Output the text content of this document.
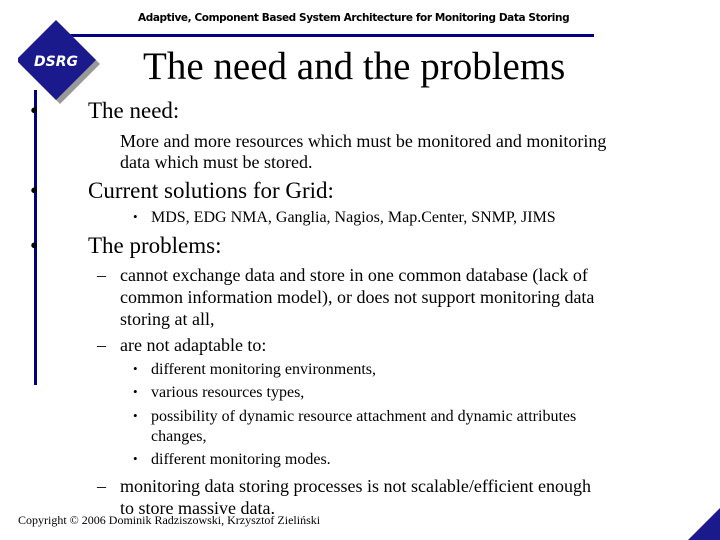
Adaptive, Component Based System Architecture for Monitoring Data Storing
DSRG The need and the problems
• The need:
More and more resources which must be monitored and monitoring
data which must be stored.
• Current solutions for Grid:
• MDS, EDG NMA, Ganglia, Nagios, Map.Center, SNMP, JIMS
• The problems:
– cannot exchange data and store in one common database (lack of
common information model), or does not support monitoring data
storing at all,
– are not adaptable to:
• different monitoring environments,
• various resources types,
• possibility of dynamic resource attachment and dynamic attributes
changes,
• different monitoring modes.
– monitoring data storing processes is not scalable/efficient enough
to store massive data.
Copyright © 2006 Dominik Radziszowski, Krzysztof Zieliński
